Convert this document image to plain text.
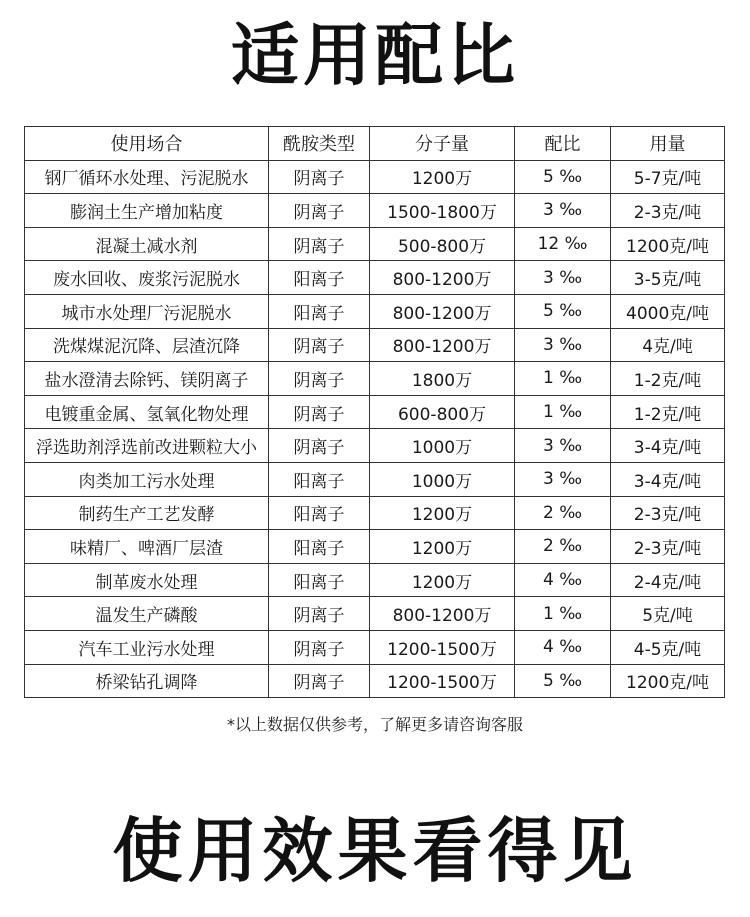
适用配比
使用场合	酰胺类型	分子量	配比	用量
钢厂循环水处理、污泥脱水	阴离子	1200万	5 ‰	5-7克/吨
膨润土生产增加粘度	阴离子	1500-1800万	3 ‰	2-3克/吨
混凝土减水剂	阴离子	500-800万	12 ‰	1200克/吨
废水回收、废浆污泥脱水	阳离子	800-1200万	3 ‰	3-5克/吨
城市水处理厂污泥脱水	阳离子	800-1200万	5 ‰	4000克/吨
洗煤煤泥沉降、层渣沉降	阴离子	800-1200万	3 ‰	4克/吨
盐水澄清去除钙、镁阴离子	阴离子	1800万	1 ‰	1-2克/吨
电镀重金属、氢氧化物处理	阴离子	600-800万	1 ‰	1-2克/吨
浮选助剂浮选前改进颗粒大小	阴离子	1000万	3 ‰	3-4克/吨
肉类加工污水处理	阳离子	1000万	3 ‰	3-4克/吨
制药生产工艺发酵	阳离子	1200万	2 ‰	2-3克/吨
味精厂、啤酒厂层渣	阳离子	1200万	2 ‰	2-3克/吨
制革废水处理	阳离子	1200万	4 ‰	2-4克/吨
温发生产磷酸	阴离子	800-1200万	1 ‰	5克/吨
汽车工业污水处理	阴离子	1200-1500万	4 ‰	4-5克/吨
桥梁钻孔调降	阴离子	1200-1500万	5 ‰	1200克/吨
*以上数据仅供参考，了解更多请咨询客服
使用效果看得见
